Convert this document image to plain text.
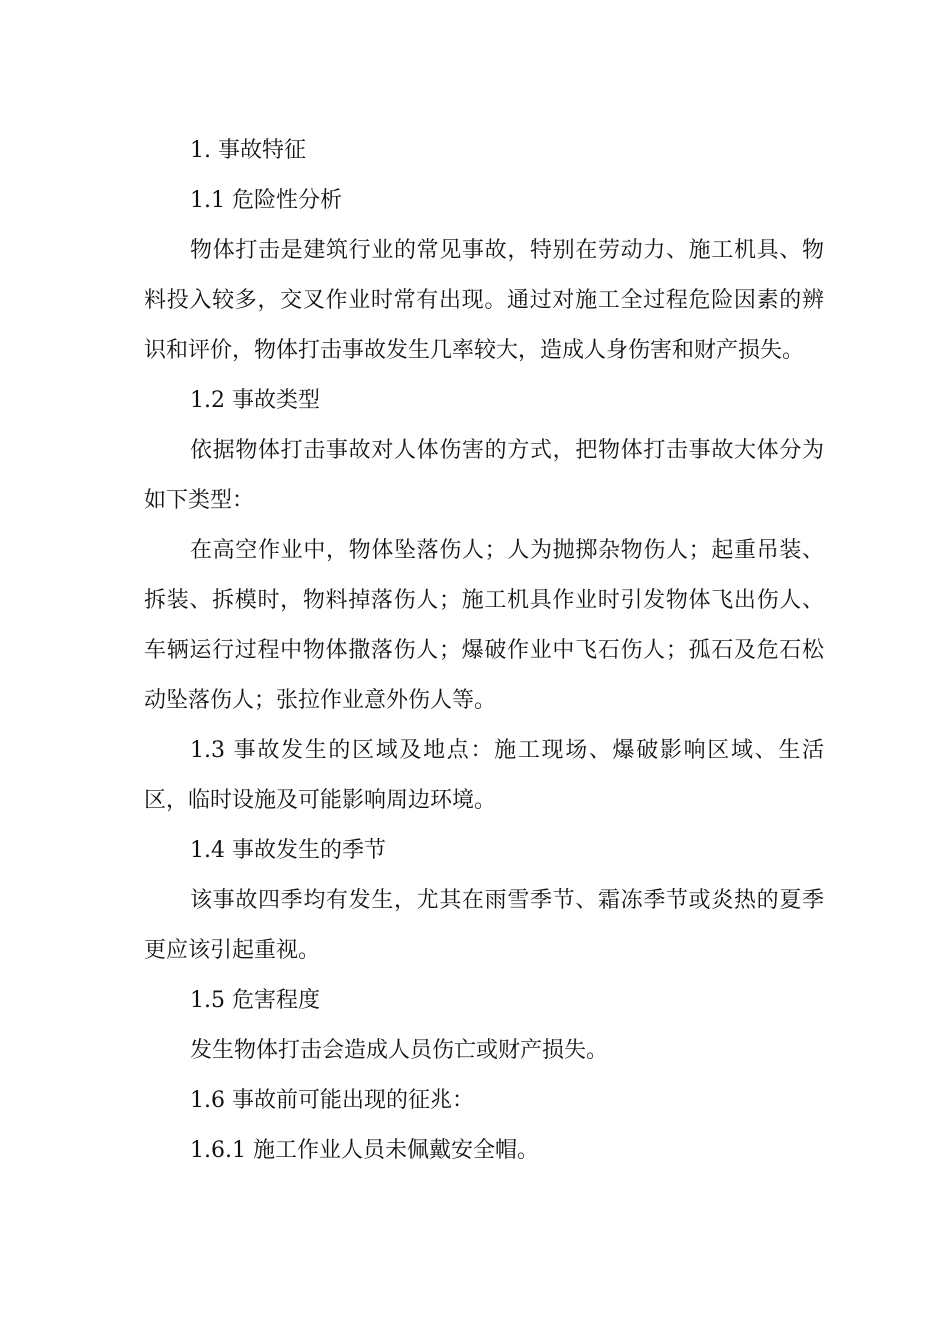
1. 事故特征

1.1 危险性分析

物体打击是建筑行业的常见事故，特别在劳动力、施工机具、物料投入较多，交叉作业时常有出现。通过对施工全过程危险因素的辨识和评价，物体打击事故发生几率较大，造成人身伤害和财产损失。

1.2 事故类型

依据物体打击事故对人体伤害的方式，把物体打击事故大体分为如下类型：

在高空作业中，物体坠落伤人；人为抛掷杂物伤人；起重吊装、拆装、拆模时，物料掉落伤人；施工机具作业时引发物体飞出伤人、车辆运行过程中物体撒落伤人；爆破作业中飞石伤人；孤石及危石松动坠落伤人；张拉作业意外伤人等。

1.3 事故发生的区域及地点：施工现场、爆破影响区域、生活区，临时设施及可能影响周边环境。

1.4 事故发生的季节

该事故四季均有发生，尤其在雨雪季节、霜冻季节或炎热的夏季更应该引起重视。

1.5 危害程度

发生物体打击会造成人员伤亡或财产损失。

1.6 事故前可能出现的征兆：

1.6.1 施工作业人员未佩戴安全帽。
